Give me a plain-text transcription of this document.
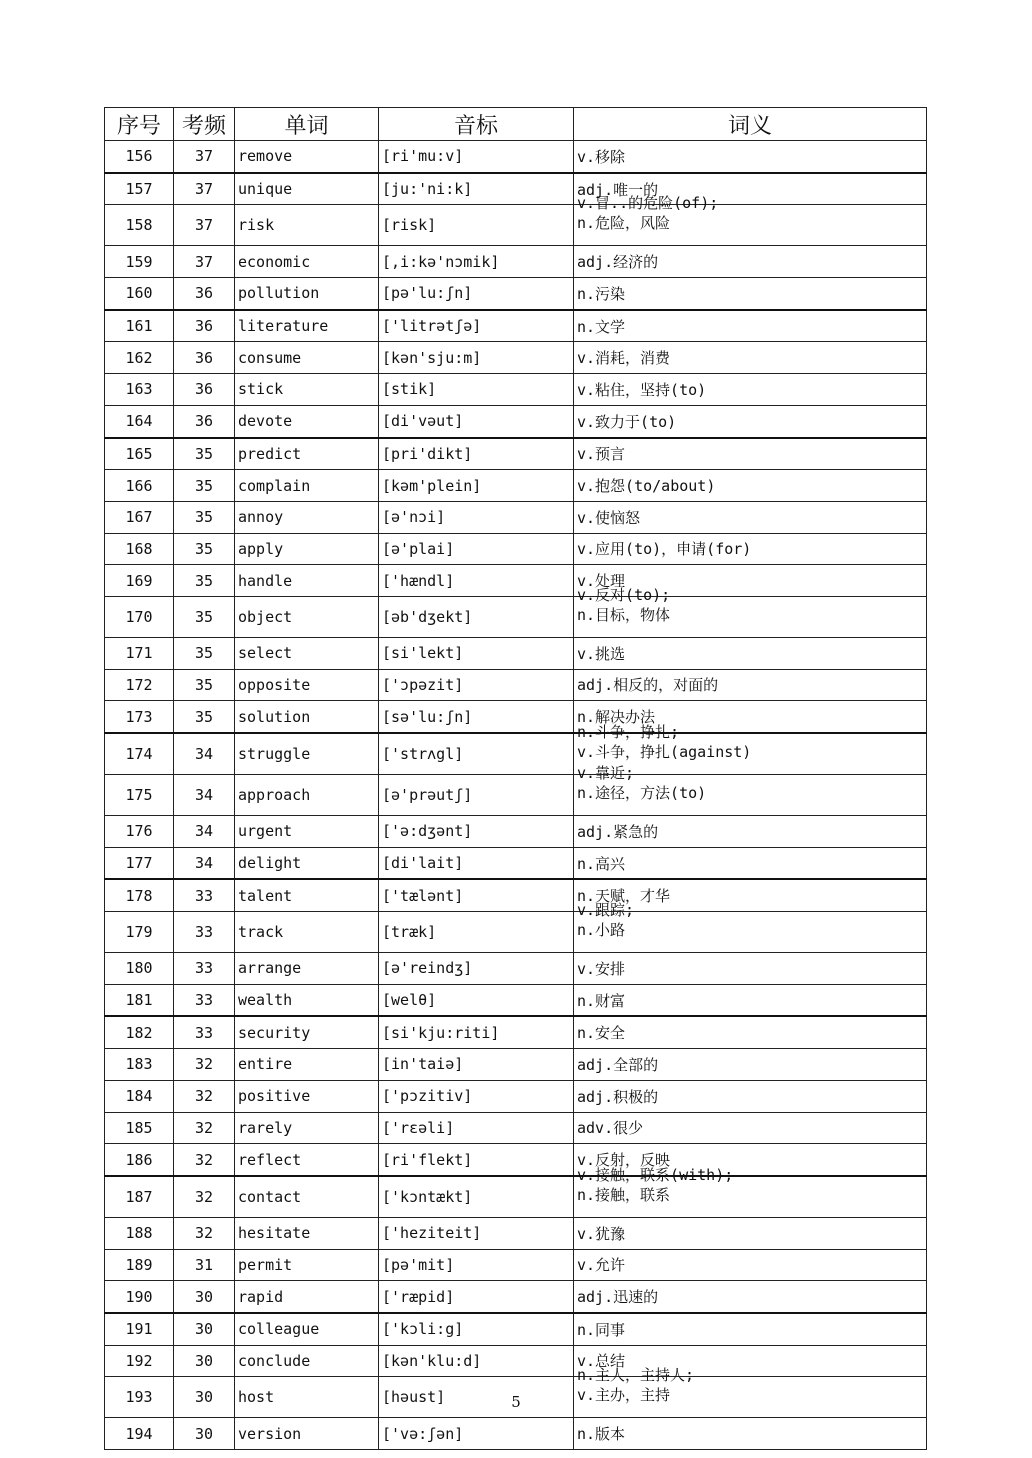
序号	考频	单词	音标	词义
156	37	remove	[ri'mu:v]	v.移除
157	37	unique	[ju:'ni:k]	adj.唯一的
158	37	risk	[risk]	v.冒..的危险(of);
n.危险，风险

159	37	economic	[,i:kə'nɔmik]	adj.经济的
160	36	pollution	[pə'lu:ʃn]	n.污染
161	36	literature	['litrətʃə]	n.文学
162	36	consume	[kən'sju:m]	v.消耗，消费
163	36	stick	[stik]	v.粘住，坚持(to)
164	36	devote	[di'vəut]	v.致力于(to)
165	35	predict	[pri'dikt]	v.预言
166	35	complain	[kəm'plein]	v.抱怨(to/about)
167	35	annoy	[ə'nɔi]	v.使恼怒
168	35	apply	[ə'plai]	v.应用(to)，申请(for)
169	35	handle	['hændl]	v.处理
170	35	object	[əb'dʒekt]	v.反对(to);
n.目标，物体

171	35	select	[si'lekt]	v.挑选
172	35	opposite	['ɔpəzit]	adj.相反的，对面的
173	35	solution	[sə'lu:ʃn]	n.解决办法
174	34	struggle	['strʌgl]	n.斗争，挣扎;
v.斗争，挣扎(against)

175	34	approach	[ə'prəutʃ]	v.靠近;
n.途径，方法(to)

176	34	urgent	['ə:dʒənt]	adj.紧急的
177	34	delight	[di'lait]	n.高兴
178	33	talent	['tælənt]	n.天赋，才华
179	33	track	[træk]	v.跟踪;
n.小路

180	33	arrange	[ə'reindʒ]	v.安排
181	33	wealth	[welθ]	n.财富
182	33	security	[si'kju:riti]	n.安全
183	32	entire	[in'taiə]	adj.全部的
184	32	positive	['pɔzitiv]	adj.积极的
185	32	rarely	['rɛəli]	adv.很少
186	32	reflect	[ri'flekt]	v.反射，反映
187	32	contact	['kɔntækt]	v.接触，联系(with);
n.接触，联系

188	32	hesitate	['heziteit]	v.犹豫
189	31	permit	[pə'mit]	v.允许
190	30	rapid	['ræpid]	adj.迅速的
191	30	colleague	['kɔli:g]	n.同事
192	30	conclude	[kən'klu:d]	v.总结
193	30	host	[həust]	n.主人，主持人;
v.主办，主持

194	30	version	['və:ʃən]	n.版本
5
